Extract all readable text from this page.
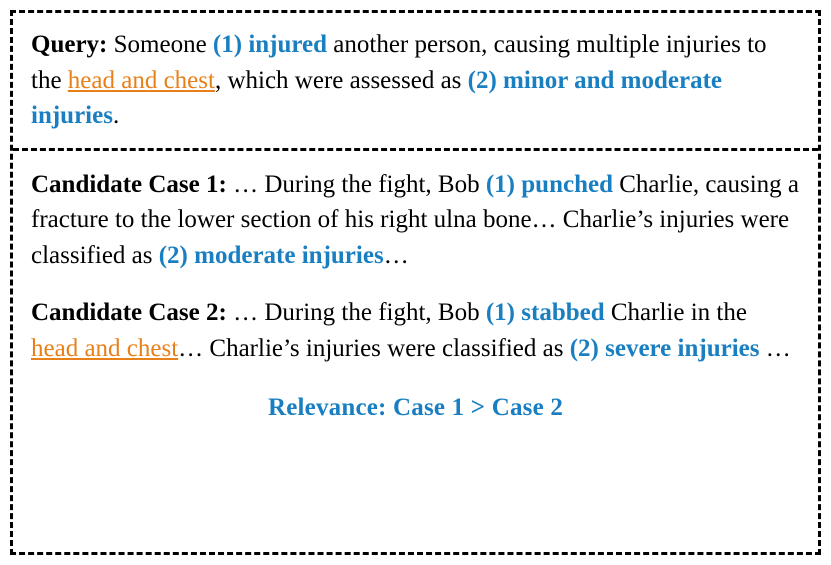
Query: Someone (1) injured another person, causing multiple injuries to the head and chest, which were assessed as (2) minor and moderate injuries.

Candidate Case 1: … During the fight, Bob (1) punched Charlie, causing a fracture to the lower section of his right ulna bone… Charlie’s injuries were classified as (2) moderate injuries…

Candidate Case 2: … During the fight, Bob (1) stabbed Charlie in the head and chest… Charlie’s injuries were classified as (2) severe injuries …

Relevance: Case 1 > Case 2
